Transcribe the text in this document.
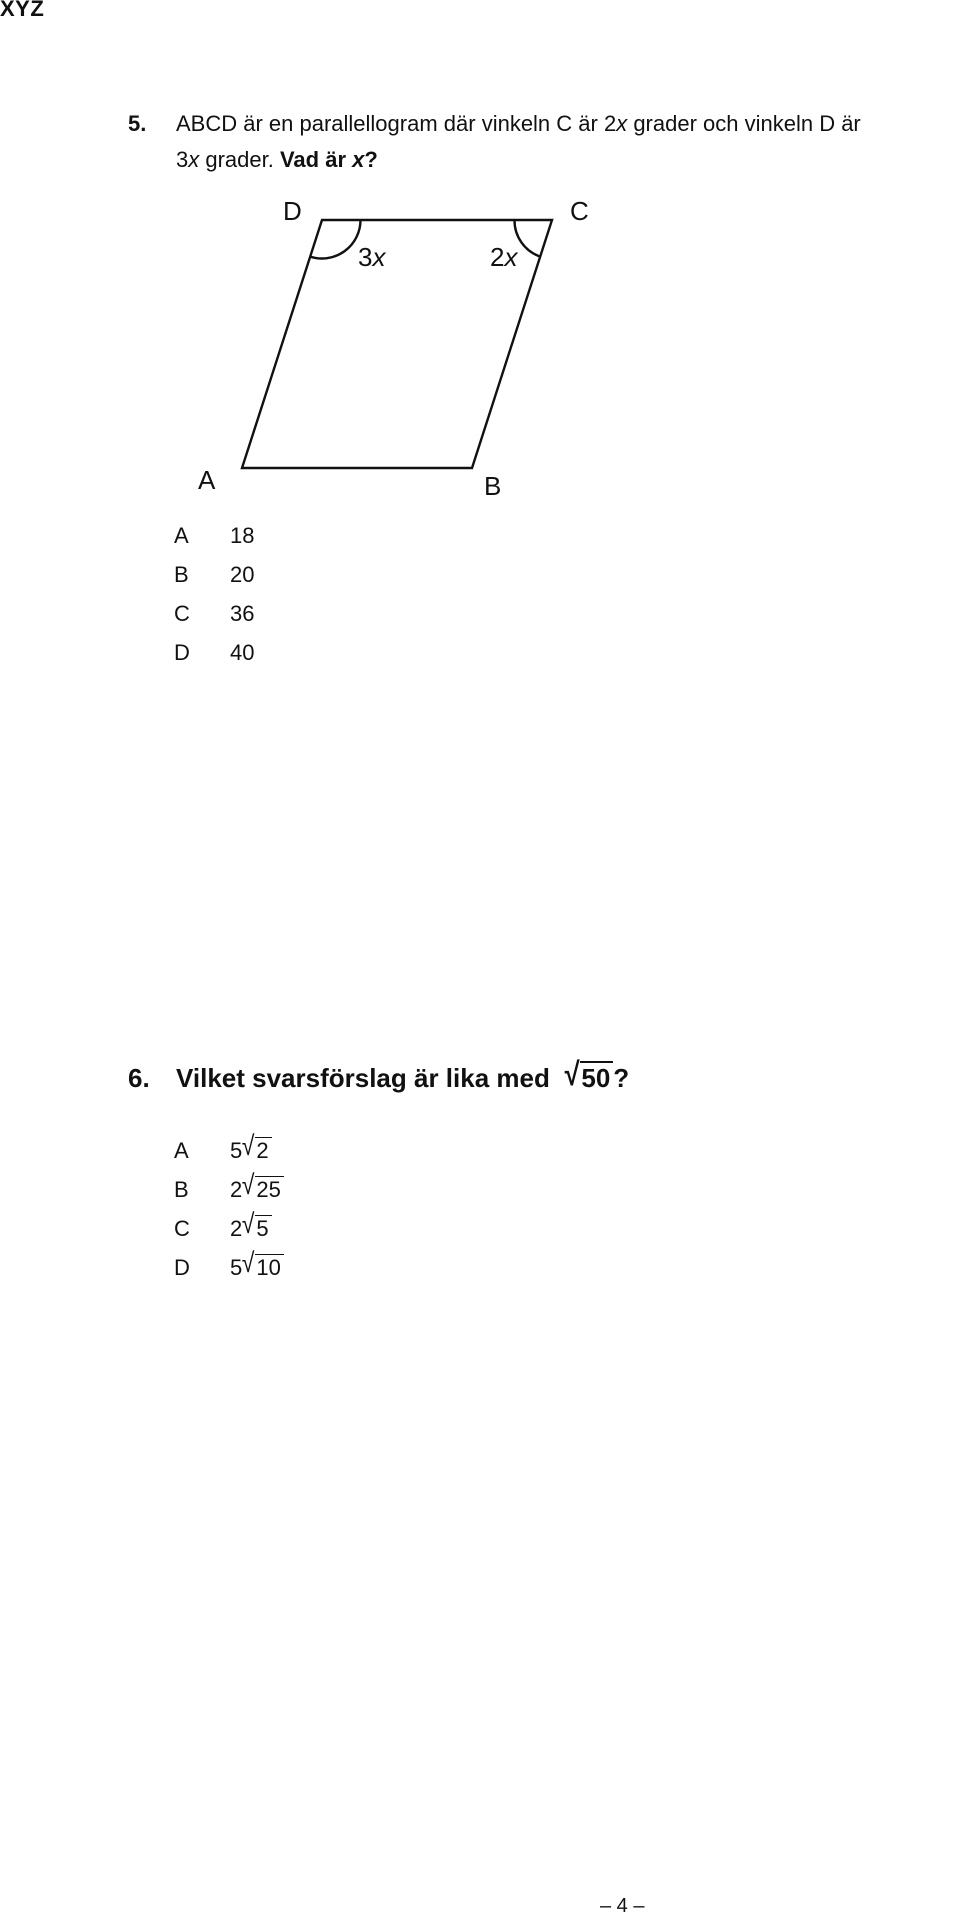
XYZ
5. ABCD är en parallellogram där vinkeln C är 2x grader och vinkeln D är
3x grader. Vad är x?
D	C
A	B
3x	2x
A 18
B 20
C 36
D 40
6. Vilket svarsförslag är lika med √50 ?
A 5√2
B 2√25
C 2√5
D 5√10
– 4 –
